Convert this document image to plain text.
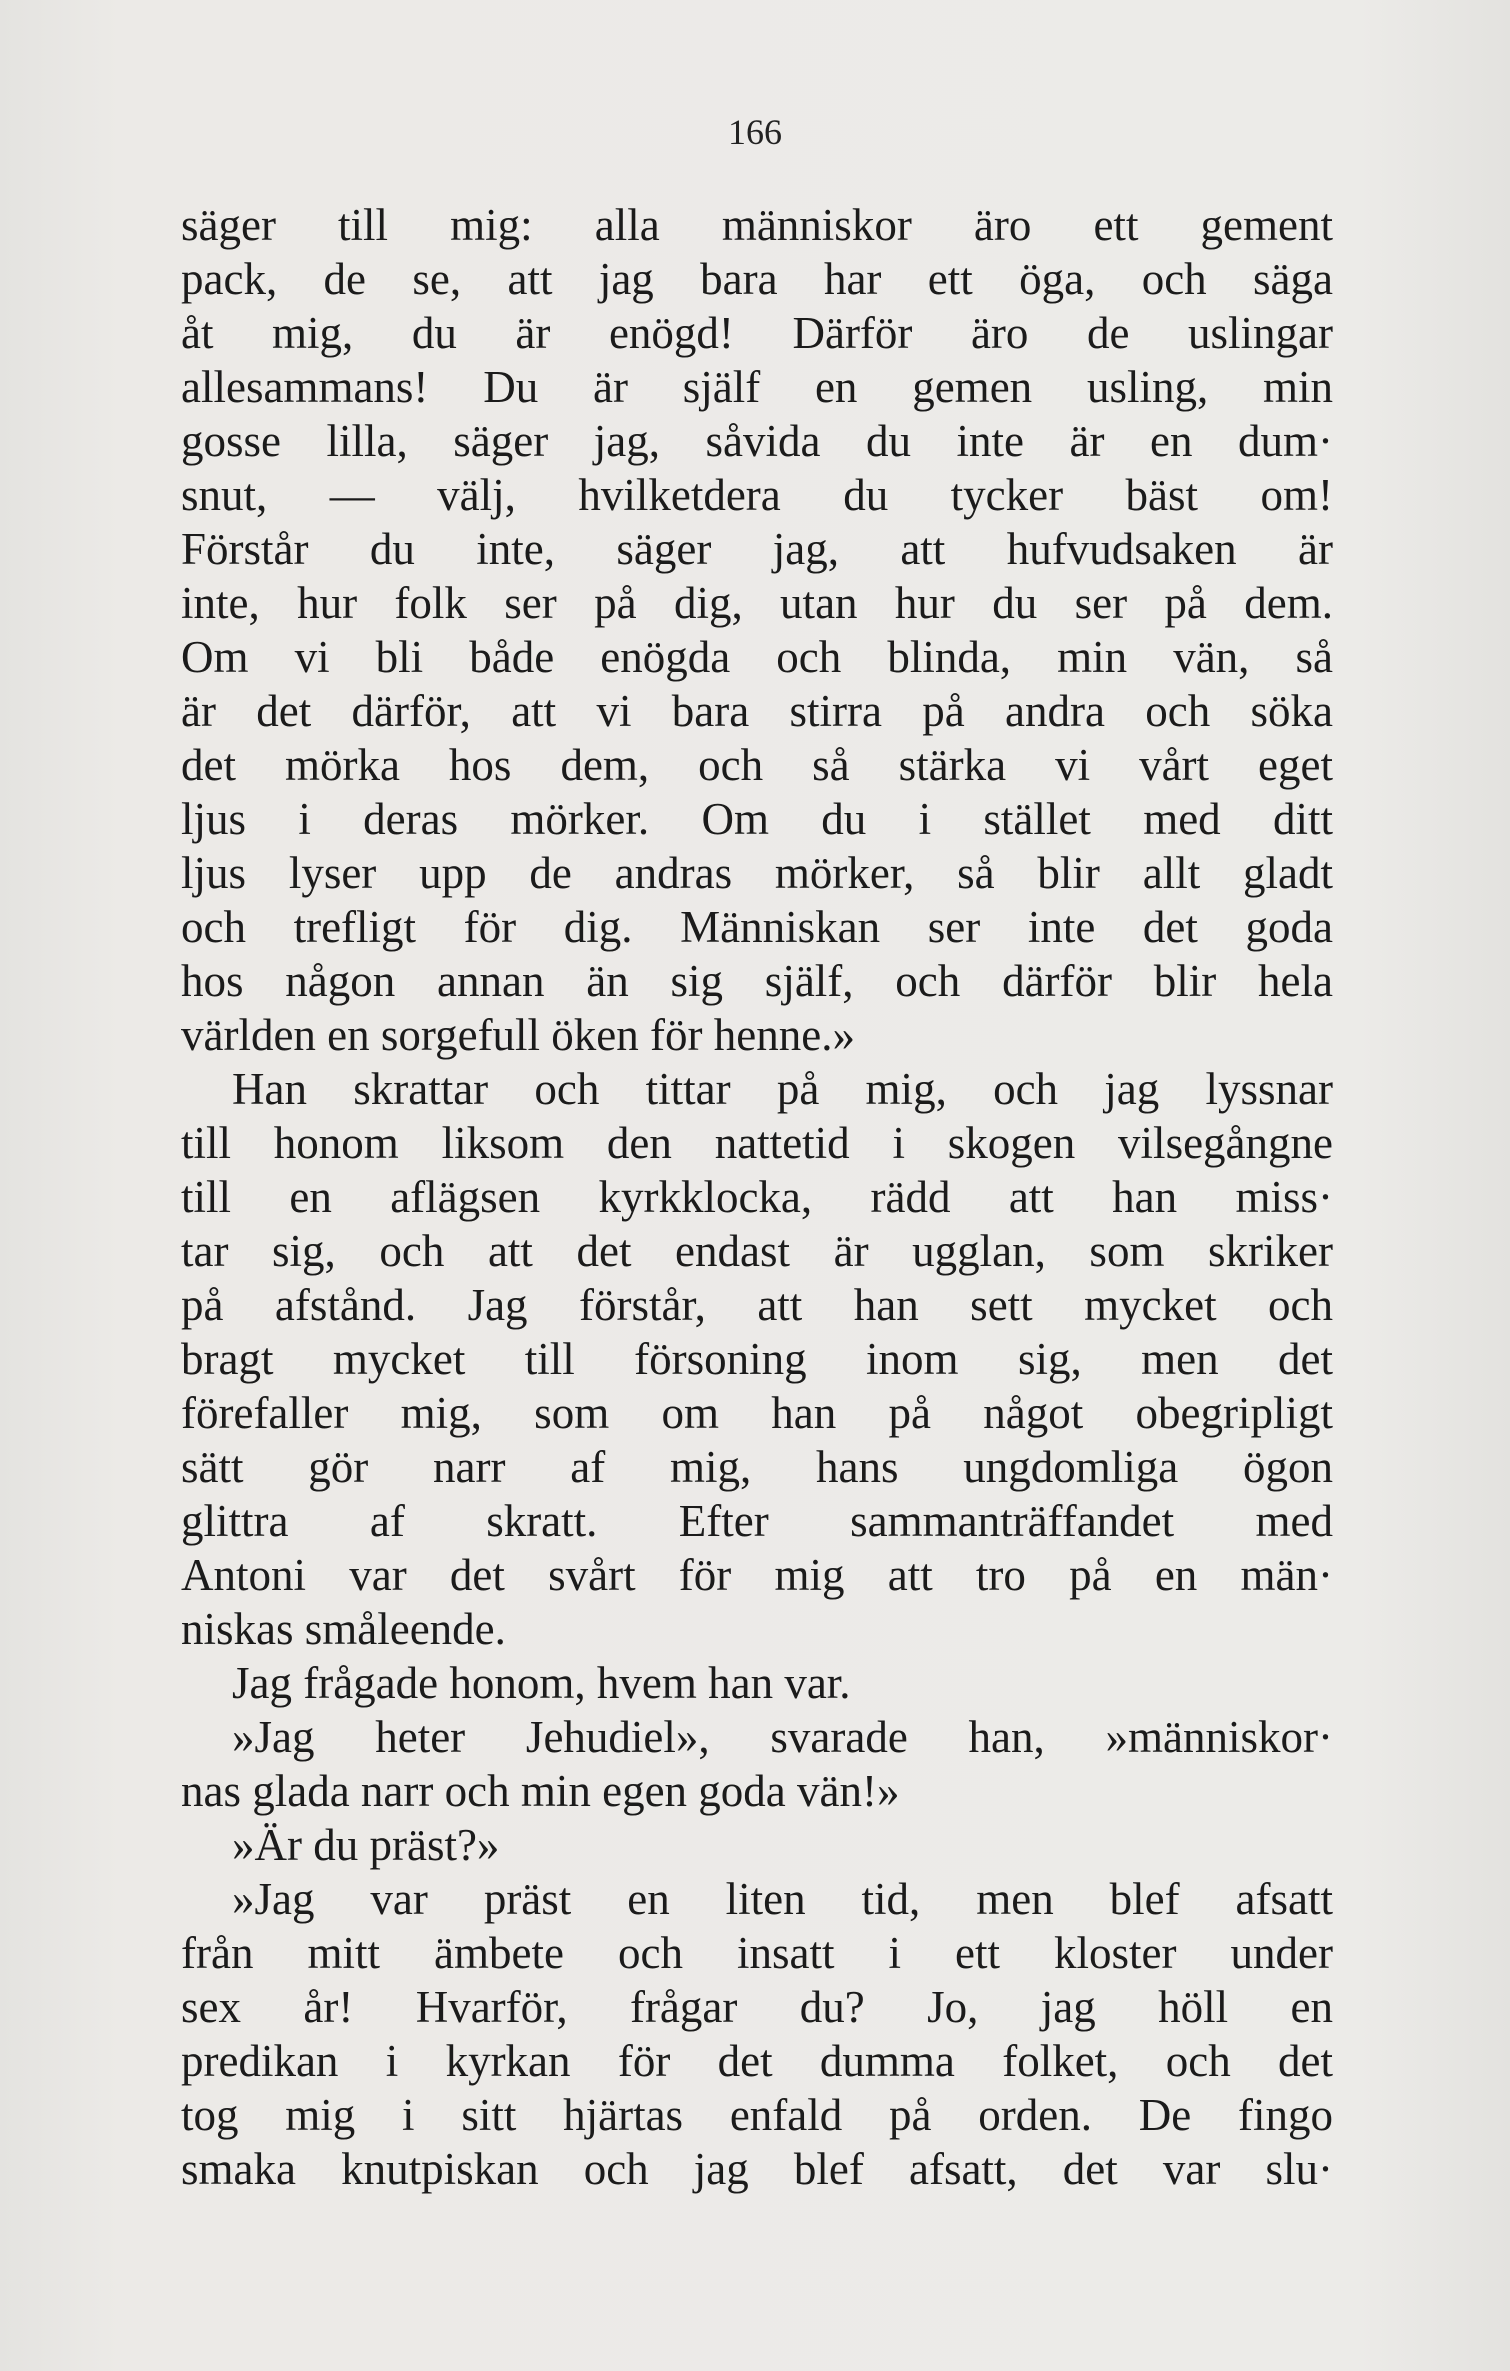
166
säger till mig: alla människor äro ett gement
pack, de se, att jag bara har ett öga, och säga
åt mig, du är enögd! Därför äro de uslingar
allesammans! Du är själf en gemen usling, min
gosse lilla, säger jag, såvida du inte är en dum·
snut, — välj, hvilketdera du tycker bäst om!
Förstår du inte, säger jag, att hufvudsaken är
inte, hur folk ser på dig, utan hur du ser på dem.
Om vi bli både enögda och blinda, min vän, så
är det därför, att vi bara stirra på andra och söka
det mörka hos dem, och så stärka vi vårt eget
ljus i deras mörker. Om du i stället med ditt
ljus lyser upp de andras mörker, så blir allt gladt
och trefligt för dig. Människan ser inte det goda
hos någon annan än sig själf, och därför blir hela
världen en sorgefull öken för henne.»
Han skrattar och tittar på mig, och jag lyssnar
till honom liksom den nattetid i skogen vilsegångne
till en aflägsen kyrkklocka, rädd att han miss·
tar sig, och att det endast är ugglan, som skriker
på afstånd. Jag förstår, att han sett mycket och
bragt mycket till försoning inom sig, men det
förefaller mig, som om han på något obegripligt
sätt gör narr af mig, hans ungdomliga ögon
glittra af skratt. Efter sammanträffandet med
Antoni var det svårt för mig att tro på en män·
niskas småleende.
Jag frågade honom, hvem han var.
»Jag heter Jehudiel», svarade han, »människor·
nas glada narr och min egen goda vän!»
»Är du präst?»
»Jag var präst en liten tid, men blef afsatt
från mitt ämbete och insatt i ett kloster under
sex år! Hvarför, frågar du? Jo, jag höll en
predikan i kyrkan för det dumma folket, och det
tog mig i sitt hjärtas enfald på orden. De fingo
smaka knutpiskan och jag blef afsatt, det var slu·
